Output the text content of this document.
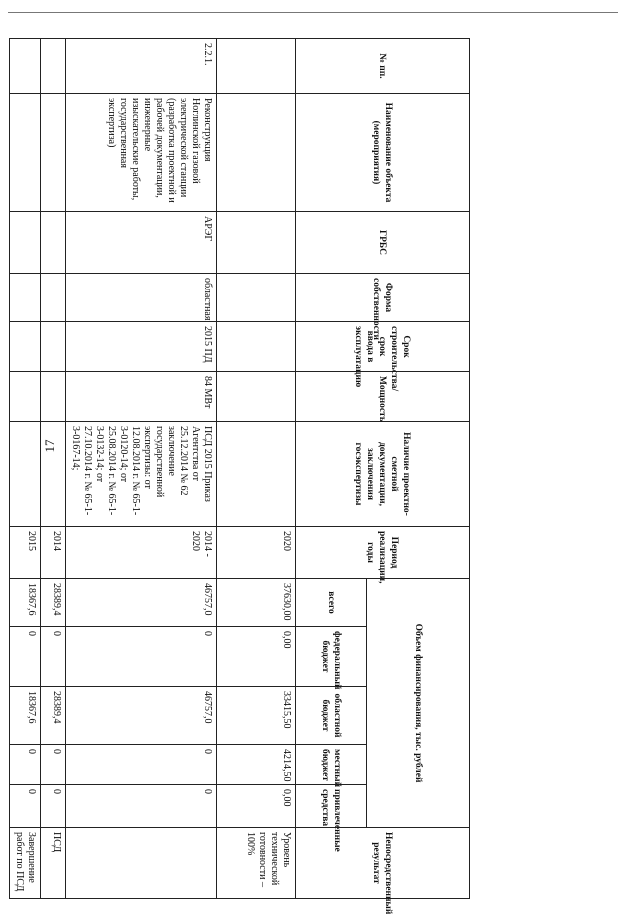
17
№ пп.	Наименование объекта (мероприятия)	ГРБС	Форма собственности	Срок строительства/срок ввода в эксплуатацию	Мощность	Наличие проектно-сметной документации, заключения госэкспертизы	Период реализации, годы	Объем финансирования, тыс. рублей					Непосредственный результат
								всего	федеральный бюджет	областной бюджет	местный бюджет	привлеченные средства	
							2020	37630,00	0,00	33415,50	4214,50	0,00	Уровень технической готовности – 100%
2.2.1.	Реконструкция Ноглинской газовой электрической станции (разработка проектной и рабочей документации, инженерные изыскательские работы, государственная экспертиза)	АРЭГ	областная	2015 ПД	84 МВт	ПСД 2015 Приказ Агентства от 25.12.2014 № 62 заключение государственной экспертизы: от 12.08.2014 г. № 65-1-3-0120-14; от 25.08.2014 г. № 65-1-3-0132-14; от 27.10.2014 г. № 65-1-3-0167-14;	2014 - 2020	46757,0	0	46757,0	0	0	
							2014	28389,4	0	28389,4	0	0	ПСД
							2015	18367,6	0	18367,6	0	0	Завершение работ по ПСД
